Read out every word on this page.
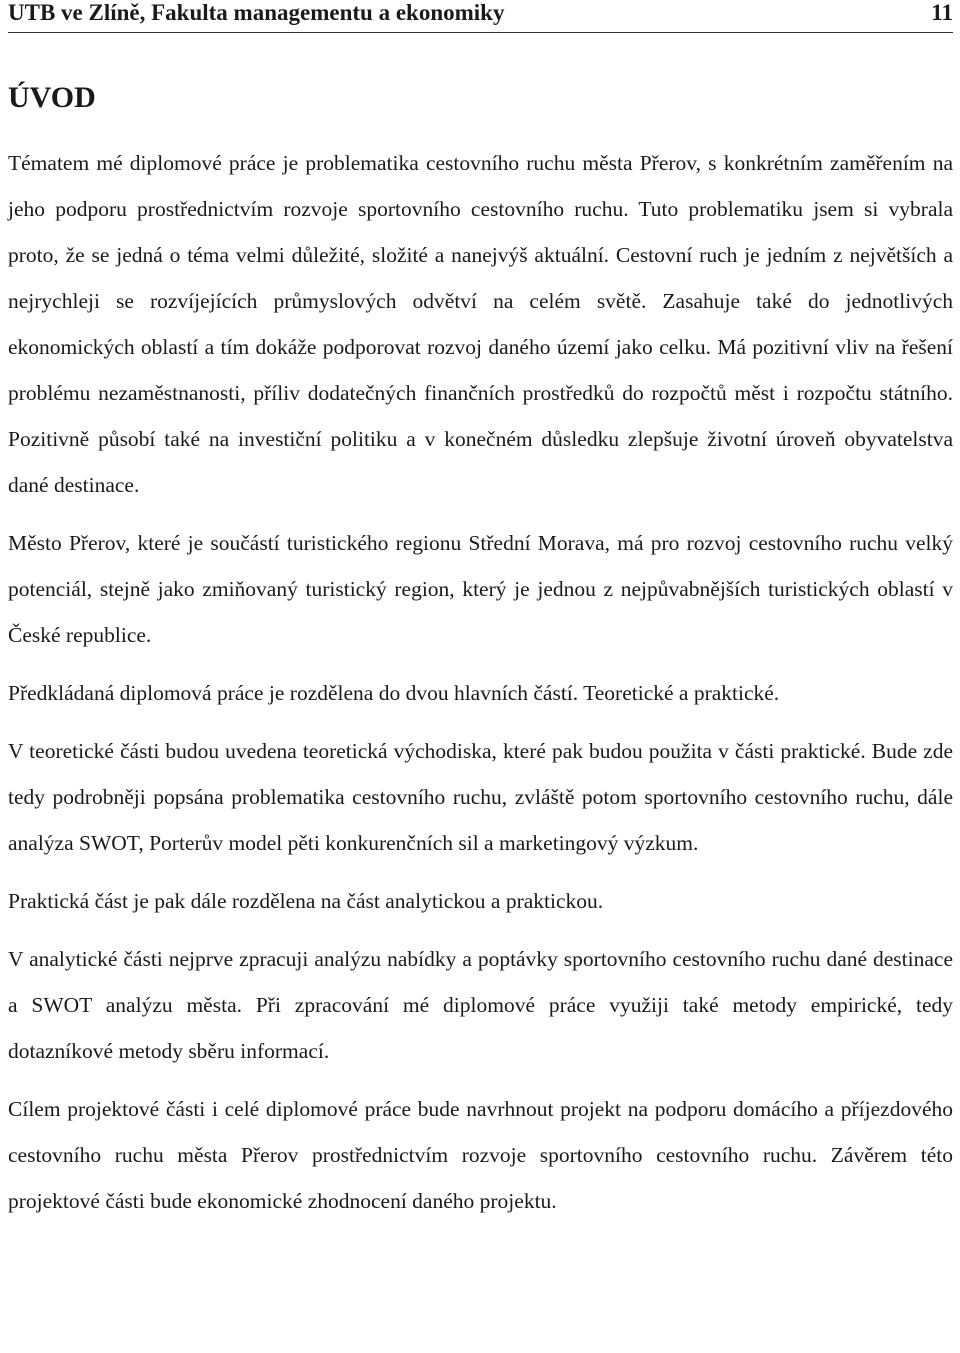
UTB ve Zlíně, Fakulta managementu a ekonomiky	11
ÚVOD

Tématem mé diplomové práce je problematika cestovního ruchu města Přerov, s konkrétním zaměřením na jeho podporu prostřednictvím rozvoje sportovního cestovního ruchu. Tuto problematiku jsem si vybrala proto, že se jedná o téma velmi důležité, složité a nanejvýš aktuální. Cestovní ruch je jedním z největších a nejrychleji se rozvíjejících průmyslových odvětví na celém světě. Zasahuje také do jednotlivých ekonomických oblastí a tím dokáže podporovat rozvoj daného území jako celku. Má pozitivní vliv na řešení problému nezaměstnanosti, příliv dodatečných finančních prostředků do rozpočtů měst i rozpočtu státního. Pozitivně působí také na investiční politiku a v konečném důsledku zlepšuje životní úroveň obyvatelstva dané destinace.

Město Přerov, které je součástí turistického regionu Střední Morava, má pro rozvoj cestovního ruchu velký potenciál, stejně jako zmiňovaný turistický region, který je jednou z nejpůvabnějších turistických oblastí v České republice.

Předkládaná diplomová práce je rozdělena do dvou hlavních částí. Teoretické a praktické.

V teoretické části budou uvedena teoretická východiska, které pak budou použita v části praktické. Bude zde tedy podrobněji popsána problematika cestovního ruchu, zvláště potom sportovního cestovního ruchu, dále analýza SWOT, Porterův model pěti konkurenčních sil a marketingový výzkum.

Praktická část je pak dále rozdělena na část analytickou a praktickou.

V analytické části nejprve zpracuji analýzu nabídky a poptávky sportovního cestovního ruchu dané destinace a SWOT analýzu města. Při zpracování mé diplomové práce využiji také metody empirické, tedy dotazníkové metody sběru informací.

Cílem projektové části i celé diplomové práce bude navrhnout projekt na podporu domácího a příjezdového cestovního ruchu města Přerov prostřednictvím rozvoje sportovního cestovního ruchu. Závěrem této projektové části bude ekonomické zhodnocení daného projektu.
